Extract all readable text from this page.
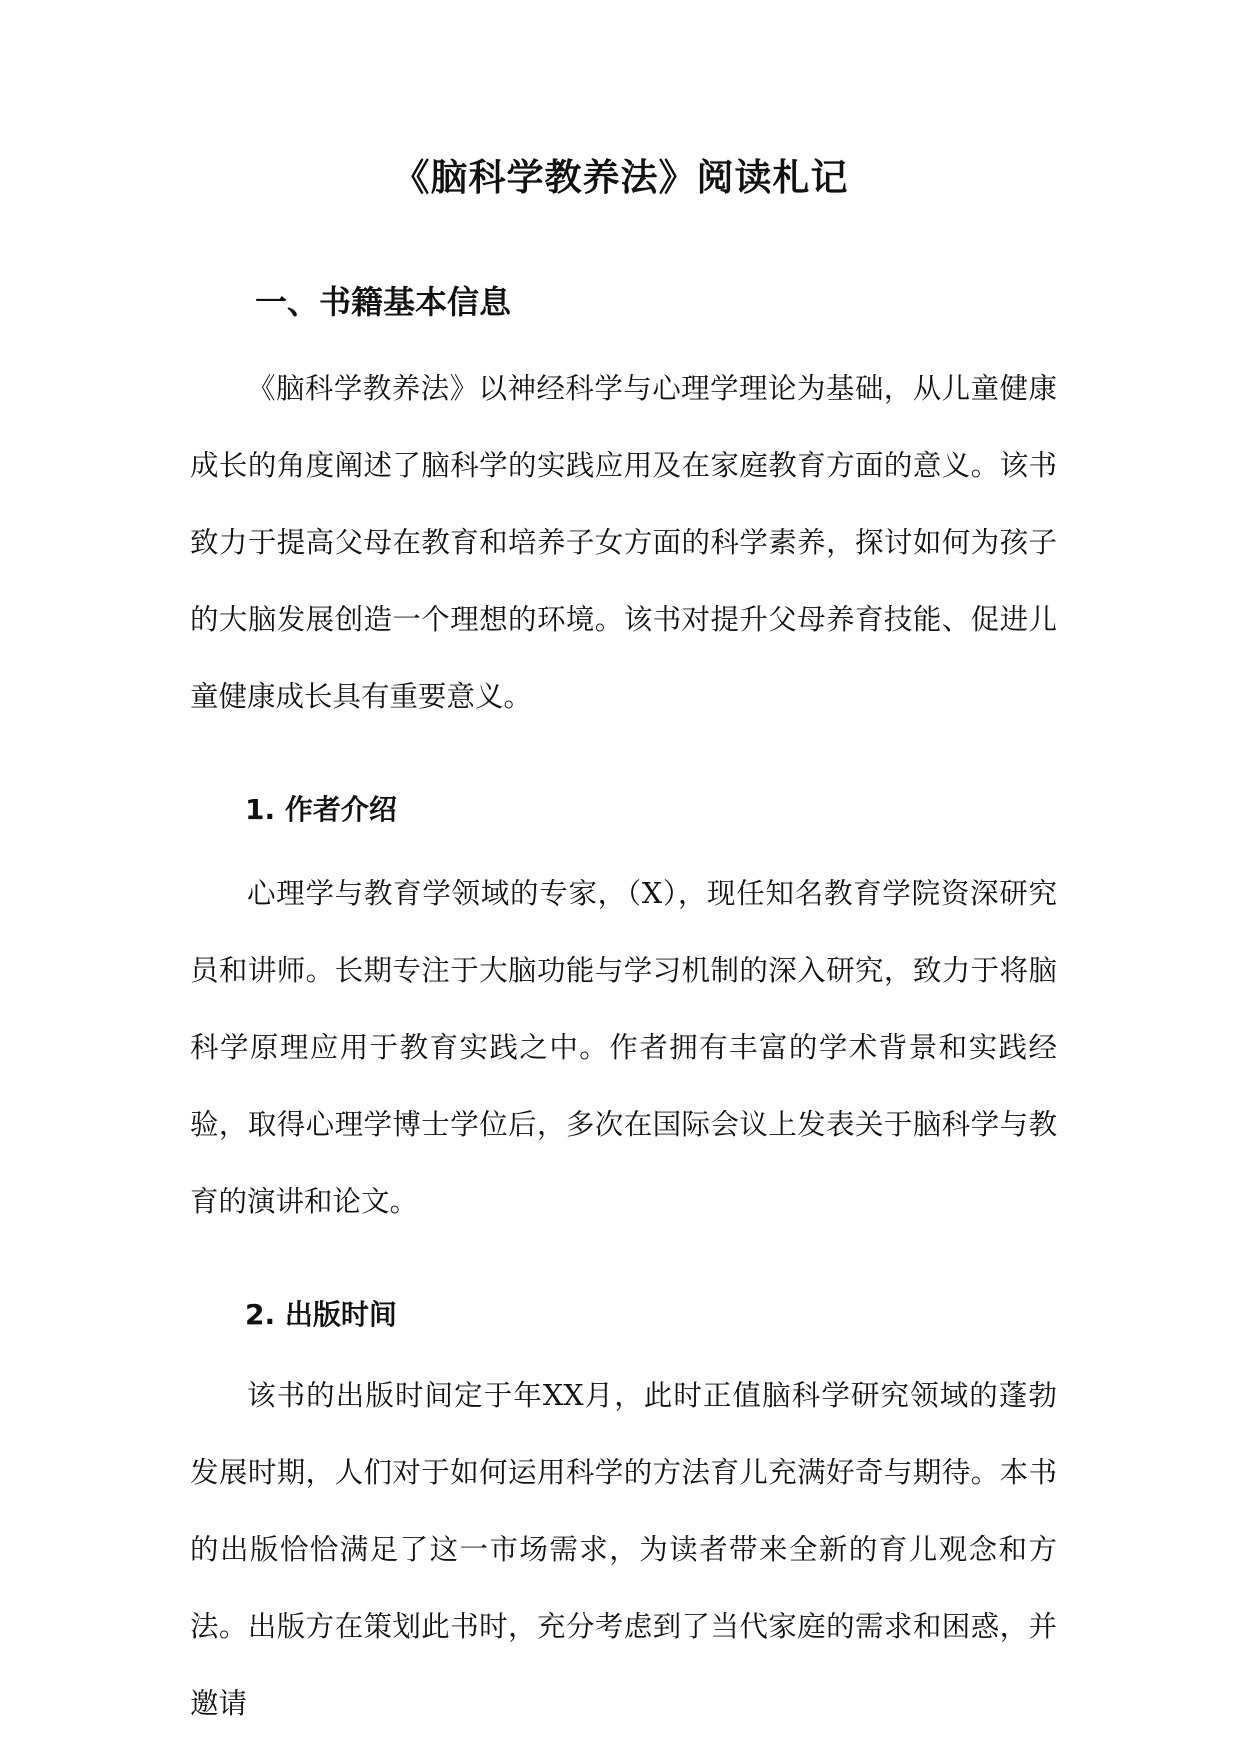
《脑科学教养法》阅读札记
一、书籍基本信息

《脑科学教养法》以神经科学与心理学理论为基础，从儿童健康成长的角度阐述了脑科学的实践应用及在家庭教育方面的意义。该书致力于提高父母在教育和培养子女方面的科学素养，探讨如何为孩子的大脑发展创造一个理想的环境。该书对提升父母养育技能、促进儿童健康成长具有重要意义。

1. 作者介绍

心理学与教育学领域的专家，（X），现任知名教育学院资深研究员和讲师。长期专注于大脑功能与学习机制的深入研究，致力于将脑科学原理应用于教育实践之中。作者拥有丰富的学术背景和实践经验，取得心理学博士学位后，多次在国际会议上发表关于脑科学与教育的演讲和论文。

2. 出版时间

该书的出版时间定于年XX月，此时正值脑科学研究领域的蓬勃发展时期，人们对于如何运用科学的方法育儿充满好奇与期待。本书的出版恰恰满足了这一市场需求，为读者带来全新的育儿观念和方法。出版方在策划此书时，充分考虑到了当代家庭的需求和困惑，并邀请
